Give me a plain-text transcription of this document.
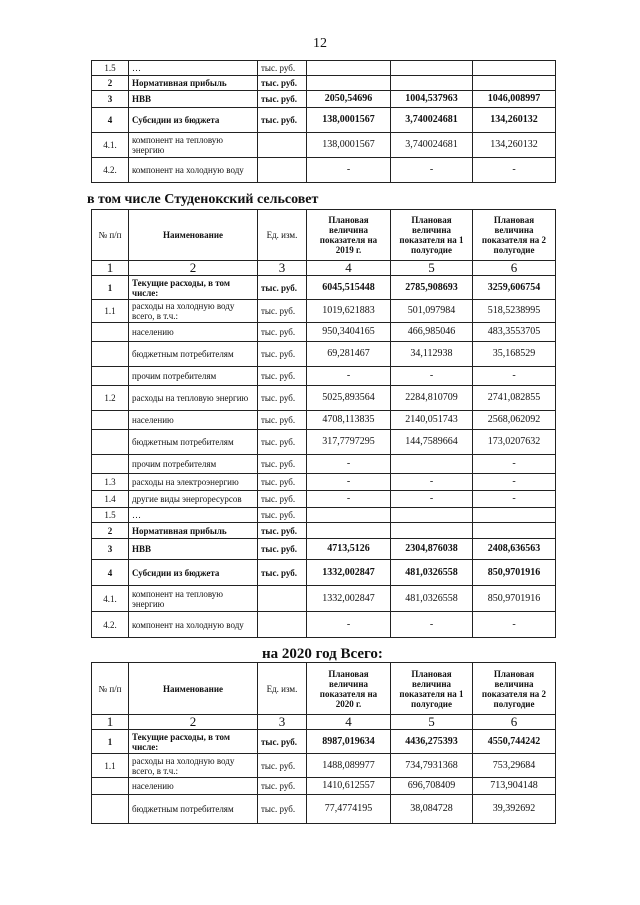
12
1.5	…	тыс. руб.			
2	Нормативная прибыль	тыс. руб.			
3	НВВ	тыс. руб.	2050,54696	1004,537963	1046,008997
4	Субсидии из бюджета	тыс. руб.	138,0001567	3,740024681	134,260132
4.1.	компонент на тепловую энергию		138,0001567	3,740024681	134,260132
4.2.	компонент на холодную воду		-	-	-
в том числе Студенокский сельсовет
№ п/п	Наименование	Ед. изм.	Плановая величина показателя на 2019 г.	Плановая величина показателя на 1 полугодие	Плановая величина показателя на 2 полугодие
1	2	3	4	5	6
1	Текущие расходы, в том числе:	тыс. руб.	6045,515448	2785,908693	3259,606754
1.1	расходы на холодную воду всего, в т.ч.:	тыс. руб.	1019,621883	501,097984	518,5238995
	населению	тыс. руб.	950,3404165	466,985046	483,3553705
	бюджетным потребителям	тыс. руб.	69,281467	34,112938	35,168529
	прочим потребителям	тыс. руб.	-	-	-
1.2	расходы на тепловую энергию	тыс. руб.	5025,893564	2284,810709	2741,082855
	населению	тыс. руб.	4708,113835	2140,051743	2568,062092
	бюджетным потребителям	тыс. руб.	317,7797295	144,7589664	173,0207632
	прочим потребителям	тыс. руб.	-		-
1.3	расходы на электроэнергию	тыс. руб.	-	-	-
1.4	другие виды энергоресурсов	тыс. руб.	-	-	-
1.5	…	тыс. руб.			
2	Нормативная прибыль	тыс. руб.			
3	НВВ	тыс. руб.	4713,5126	2304,876038	2408,636563
4	Субсидии из бюджета	тыс. руб.	1332,002847	481,0326558	850,9701916
4.1.	компонент на тепловую энергию		1332,002847	481,0326558	850,9701916
4.2.	компонент на холодную воду		-	-	-
на 2020 год Всего:
№ п/п	Наименование	Ед. изм.	Плановая величина показателя на 2020 г.	Плановая величина показателя на 1 полугодие	Плановая величина показателя на 2 полугодие
1	2	3	4	5	6
1	Текущие расходы, в том числе:	тыс. руб.	8987,019634	4436,275393	4550,744242
1.1	расходы на холодную воду всего, в т.ч.:	тыс. руб.	1488,089977	734,7931368	753,29684
	населению	тыс. руб.	1410,612557	696,708409	713,904148
	бюджетным потребителям	тыс. руб.	77,4774195	38,084728	39,392692
